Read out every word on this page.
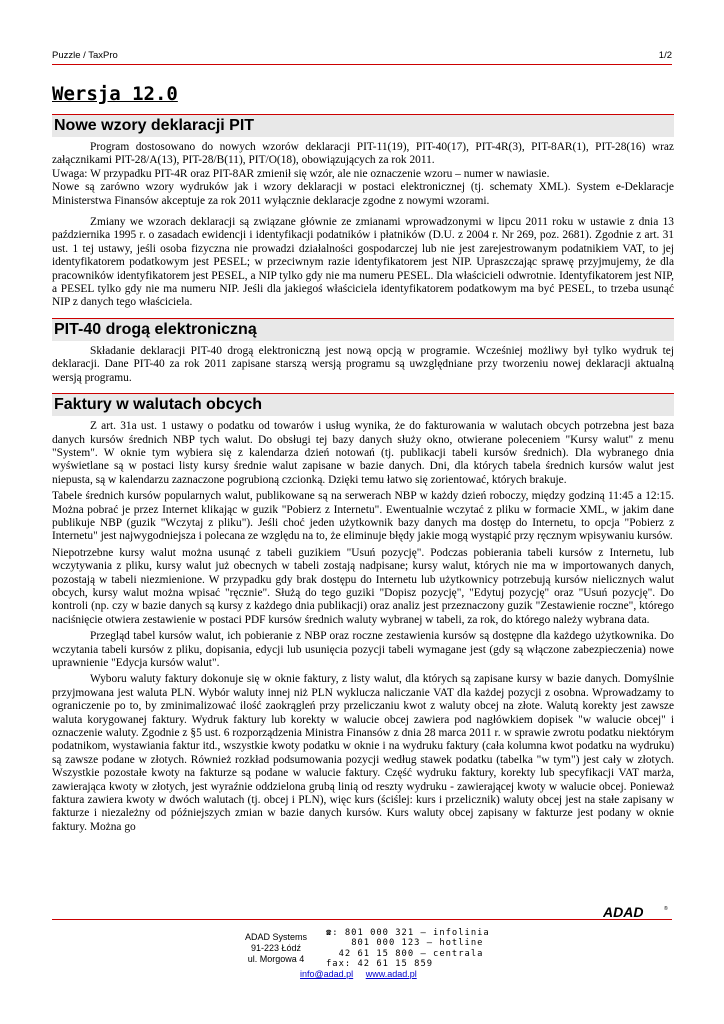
Puzzle / TaxPro	1/2
Wersja 12.0
Nowe wzory deklaracji PIT

Program dostosowano do nowych wzorów deklaracji PIT-11(19), PIT-40(17), PIT-4R(3), PIT-8AR(1), PIT-28(16) wraz załącznikami PIT-28/A(13), PIT-28/B(11), PIT/O(18), obowiązujących za rok 2011.

Uwaga: W przypadku PIT-4R oraz PIT-8AR zmienił się wzór, ale nie oznaczenie wzoru – numer w nawiasie.

Nowe są zarówno wzory wydruków jak i wzory deklaracji w postaci elektronicznej (tj. schematy XML). System e-Deklaracje Ministerstwa Finansów akceptuje za rok 2011 wyłącznie deklaracje zgodne z nowymi wzorami.

Zmiany we wzorach deklaracji są związane głównie ze zmianami wprowadzonymi w lipcu 2011 roku w ustawie z dnia 13 października 1995 r. o zasadach ewidencji i identyfikacji podatników i płatników (D.U. z 2004 r. Nr 269, poz. 2681). Zgodnie z art. 31 ust. 1 tej ustawy, jeśli osoba fizyczna nie prowadzi działalności gospodarczej lub nie jest zarejestrowanym podatnikiem VAT, to jej identyfikatorem podatkowym jest PESEL; w przeciwnym razie identyfikatorem jest NIP. Upraszczając sprawę przyjmujemy, że dla pracowników identyfikatorem jest PESEL, a NIP tylko gdy nie ma numeru PESEL. Dla właścicieli odwrotnie. Identyfikatorem jest NIP, a PESEL tylko gdy nie ma numeru NIP. Jeśli dla jakiegoś właściciela identyfikatorem podatkowym ma być PESEL, to trzeba usunąć NIP z danych tego właściciela.

PIT-40 drogą elektroniczną

Składanie deklaracji PIT-40 drogą elektroniczną jest nową opcją w programie. Wcześniej możliwy był tylko wydruk tej deklaracji. Dane PIT-40 za rok 2011 zapisane starszą wersją programu są uwzględniane przy tworzeniu nowej deklaracji aktualną wersją programu.

Faktury w walutach obcych

Z art. 31a ust. 1 ustawy o podatku od towarów i usług wynika, że do fakturowania w walutach obcych potrzebna jest baza danych kursów średnich NBP tych walut. Do obsługi tej bazy danych służy okno, otwierane poleceniem "Kursy walut" z menu "System". W oknie tym wybiera się z kalendarza dzień notowań (tj. publikacji tabeli kursów średnich). Dla wybranego dnia wyświetlane są w postaci listy kursy średnie walut zapisane w bazie danych. Dni, dla których tabela średnich kursów walut jest niepusta, są w kalendarzu zaznaczone pogrubioną czcionką. Dzięki temu łatwo się zorientować, których brakuje.

Tabele średnich kursów popularnych walut, publikowane są na serwerach NBP w każdy dzień roboczy, między godziną 11:45 a 12:15. Można pobrać je przez Internet klikając w guzik "Pobierz z Internetu". Ewentualnie wczytać z pliku w formacie XML, w jakim dane publikuje NBP (guzik "Wczytaj z pliku"). Jeśli choć jeden użytkownik bazy danych ma dostęp do Internetu, to opcja "Pobierz z Internetu" jest najwygodniejsza i polecana ze względu na to, że eliminuje błędy jakie mogą wystąpić przy ręcznym wpisywaniu kursów.

Niepotrzebne kursy walut można usunąć z tabeli guzikiem "Usuń pozycję". Podczas pobierania tabeli kursów z Internetu, lub wczytywania z pliku, kursy walut już obecnych w tabeli zostają nadpisane; kursy walut, których nie ma w importowanych danych, pozostają w tabeli niezmienione. W przypadku gdy brak dostępu do Internetu lub użytkownicy potrzebują kursów nielicznych walut obcych, kursy walut można wpisać "ręcznie". Służą do tego guziki "Dopisz pozycję", "Edytuj pozycję" oraz "Usuń pozycję". Do kontroli (np. czy w bazie danych są kursy z każdego dnia publikacji) oraz analiz jest przeznaczony guzik "Zestawienie roczne", którego naciśnięcie otwiera zestawienie w postaci PDF kursów średnich waluty wybranej w tabeli, za rok, do którego należy wybrana data.

Przegląd tabel kursów walut, ich pobieranie z NBP oraz roczne zestawienia kursów są dostępne dla każdego użytkownika. Do wczytania tabeli kursów z pliku, dopisania, edycji lub usunięcia pozycji tabeli wymagane jest (gdy są włączone zabezpieczenia) nowe uprawnienie "Edycja kursów walut".

Wyboru waluty faktury dokonuje się w oknie faktury, z listy walut, dla których są zapisane kursy w bazie danych. Domyślnie przyjmowana jest waluta PLN. Wybór waluty innej niż PLN wyklucza naliczanie VAT dla każdej pozycji z osobna. Wprowadzamy to ograniczenie po to, by zminimalizować ilość zaokrągleń przy przeliczaniu kwot z waluty obcej na złote. Walutą korekty jest zawsze waluta korygowanej faktury. Wydruk faktury lub korekty w walucie obcej zawiera pod nagłówkiem dopisek "w walucie obcej" i oznaczenie waluty. Zgodnie z §5 ust. 6 rozporządzenia Ministra Finansów z dnia 28 marca 2011 r. w sprawie zwrotu podatku niektórym podatnikom, wystawiania faktur itd., wszystkie kwoty podatku w oknie i na wydruku faktury (cała kolumna kwot podatku na wydruku) są zawsze podane w złotych. Również rozkład podsumowania pozycji według stawek podatku (tabelka "w tym") jest cały w złotych. Wszystkie pozostałe kwoty na fakturze są podane w walucie faktury. Część wydruku faktury, korekty lub specyfikacji VAT marża, zawierająca kwoty w złotych, jest wyraźnie oddzielona grubą linią od reszty wydruku - zawierającej kwoty w walucie obcej. Ponieważ faktura zawiera kwoty w dwóch walutach (tj. obcej i PLN), więc kurs (ściślej: kurs i przelicznik) waluty obcej jest na stałe zapisany w fakturze i niezależny od późniejszych zmian w bazie danych kursów. Kurs waluty obcej zapisany w fakturze jest podany w oknie faktury. Można go

ADAD	®
ADAD Systems
91-223 Łódź
ul. Morgowa 4
☎: 801 000 321 – infolinia
801 000 123 – hotline
42 61 15 800 – centrala
fax: 42 61 15 859
info@adad.pl www.adad.pl
